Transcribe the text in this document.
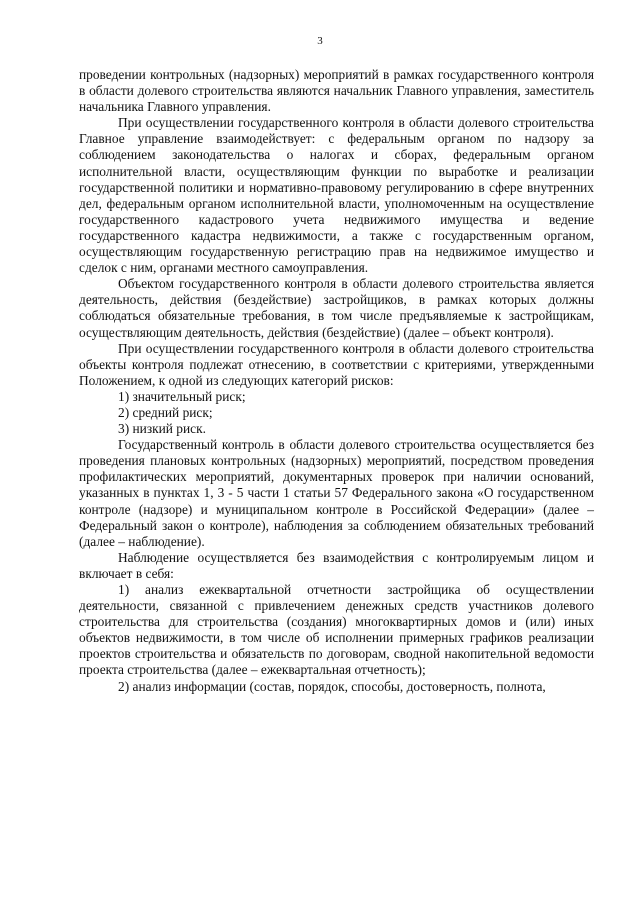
3

проведении контрольных (надзорных) мероприятий в рамках государственного контроля в области долевого строительства являются начальник Главного управления, заместитель начальника Главного управления.

При осуществлении государственного контроля в области долевого строительства Главное управление взаимодействует: с федеральным органом по надзору за соблюдением законодательства о налогах и сборах, федеральным органом исполнительной власти, осуществляющим функции по выработке и реализации государственной политики и нормативно-правовому регулированию в сфере внутренних дел, федеральным органом исполнительной власти, уполномоченным на осуществление государственного кадастрового учета недвижимого имущества и ведение государственного кадастра недвижимости, а также с государственным органом, осуществляющим государственную регистрацию прав на недвижимое имущество и сделок с ним, органами местного самоуправления.

Объектом государственного контроля в области долевого строительства является деятельность, действия (бездействие) застройщиков, в рамках которых должны соблюдаться обязательные требования, в том числе предъявляемые к застройщикам, осуществляющим деятельность, действия (бездействие) (далее – объект контроля).

При осуществлении государственного контроля в области долевого строительства объекты контроля подлежат отнесению, в соответствии с критериями, утвержденными Положением, к одной из следующих категорий рисков:

1) значительный риск;

2) средний риск;

3) низкий риск.

Государственный контроль в области долевого строительства осуществляется без проведения плановых контрольных (надзорных) мероприятий, посредством проведения профилактических мероприятий, документарных проверок при наличии оснований, указанных в пунктах 1, 3 - 5 части 1 статьи 57 Федерального закона «О государственном контроле (надзоре) и муниципальном контроле в Российской Федерации» (далее – Федеральный закон о контроле), наблюдения за соблюдением обязательных требований (далее – наблюдение).

Наблюдение осуществляется без взаимодействия с контролируемым лицом и включает в себя:

1) анализ ежеквартальной отчетности застройщика об осуществлении деятельности, связанной с привлечением денежных средств участников долевого строительства для строительства (создания) многоквартирных домов и (или) иных объектов недвижимости, в том числе об исполнении примерных графиков реализации проектов строительства и обязательств по договорам, сводной накопительной ведомости проекта строительства (далее – ежеквартальная отчетность);

2) анализ информации (состав, порядок, способы, достоверность, полнота,
